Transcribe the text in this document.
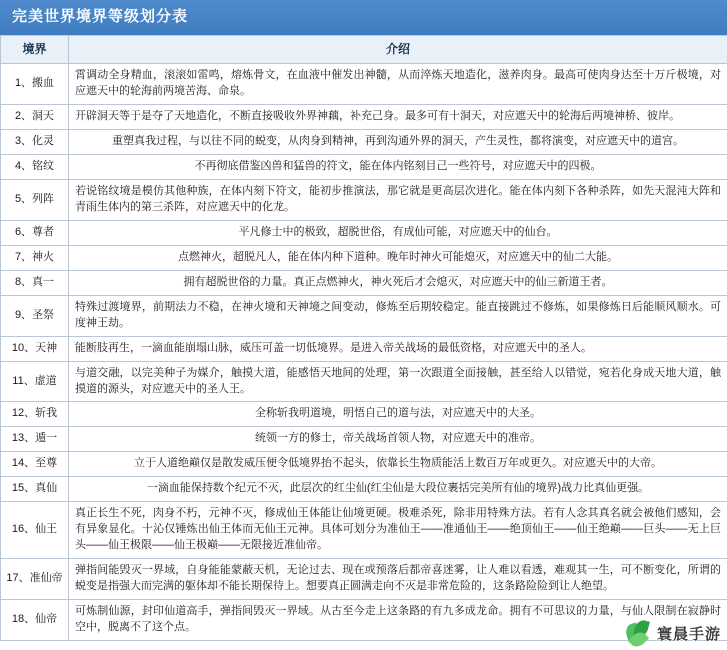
完美世界境界等级划分表
境界	介绍
1、搬血	霄调动全身精血，滚滚如雷鸣，熔炼骨文，在血液中催发出神髓，从而淬炼天地造化，滋养肉身。最高可使肉身达至十万斤极境，对应遮天中的轮海前两境苦海、命泉。
2、洞天	开辟洞天等于是夺了天地造化，不断直接吸收外界神藕，补充己身。最多可有十洞天，对应遮天中的轮海后两境神桥、彼岸。
3、化灵	重塑真我过程，与以往不同的蜕变，从肉身到精神，再到沟通外界的洞天，产生灵性，都将演变，对应遮天中的道宫。
4、铭纹	不再彻底借鉴凶兽和猛兽的符文，能在体内铭刻目己一些符号，对应遮天中的四极。
5、列阵	若说铭纹境是模仿其他种族，在体内刻下符文，能初步推演法，那它就是更高层次进化。能在体内刻下各种杀阵，如先天混沌大阵和青雨生体内的第三杀阵，对应遮天中的化龙。
6、尊者	平凡修士中的极致，超脱世俗，有成仙可能，对应遮天中的仙台。
7、神火	点燃神火，超脱凡人，能在体内种下道种。晚年时神火可能熄灭，对应遮天中的仙二大能。
8、真一	拥有超脱世俗的力量。真正点燃神火，神火死后才会熄灭，对应遮天中的仙三新道王者。
9、圣祭	特殊过渡境界，前期法力不稳，在神火境和天神境之间变动，修炼至后期较稳定。能直接跳过不修炼，如果修炼日后能顺风顺水。可度神王劫。
10、天神	能断肢再生，一滴血能崩塌山脉，威压可盖一切低境界。是进入帝关战场的最低资格，对应遮天中的圣人。
11、虚道	与道交融，以完美种子为媒介，触摸大道，能感悟天地间的处理，第一次跟道全面接触，甚至给人以错觉，宛若化身成天地大道，触摸道的源头，对应遮天中的圣人王。
12、斩我	全称斩我明道境，明悟自己的道与法，对应遮天中的大圣。
13、遁一	统领一方的修士，帝关战场首领人物，对应遮天中的准帝。
14、至尊	立于人道绝巅仅是散发威压便令低境界抬不起头，依靠长生物质能活上数百万年或更久。对应遮天中的大帝。
15、真仙	一滴血能保持数个纪元不灭，此层次的红尘仙(红尘仙是大段位裹括完美所有仙的境界)战力比真仙更强。
16、仙王	真正长生不死，肉身不朽，元神不灭，修成仙王体能让仙境更硬。极难杀死，除非用特殊方法。若有人念其真名就会被他们感知，会有异象显化。十沁仅锤炼出仙王体而无仙王元神。具体可划分为准仙王——准通仙王——绝顶仙王——仙王绝巅——巨头——无上巨头——仙王极限——仙王极巅——无限接近准仙帝。
17、准仙帝	弹指间能毁灭一界域，自身能能蒙蔽天机，无论过去、现在或预落后都帝喜迷雾，让人难以看透，难观其一生，可不断变化，所谓的蜕变是指强大而完满的躯体却不能长期保待上。想要真正圆满走向不灭是非常危险的，这条路险险到让人绝望。
18、仙帝	可炼制仙源，封印仙道高手，弹指间毁灭一界域。从古至今走上这条路的有九多成龙命。拥有不可思议的力量，与仙人限制在寂静时空中，脱离不了这个点。	寰晨手游
